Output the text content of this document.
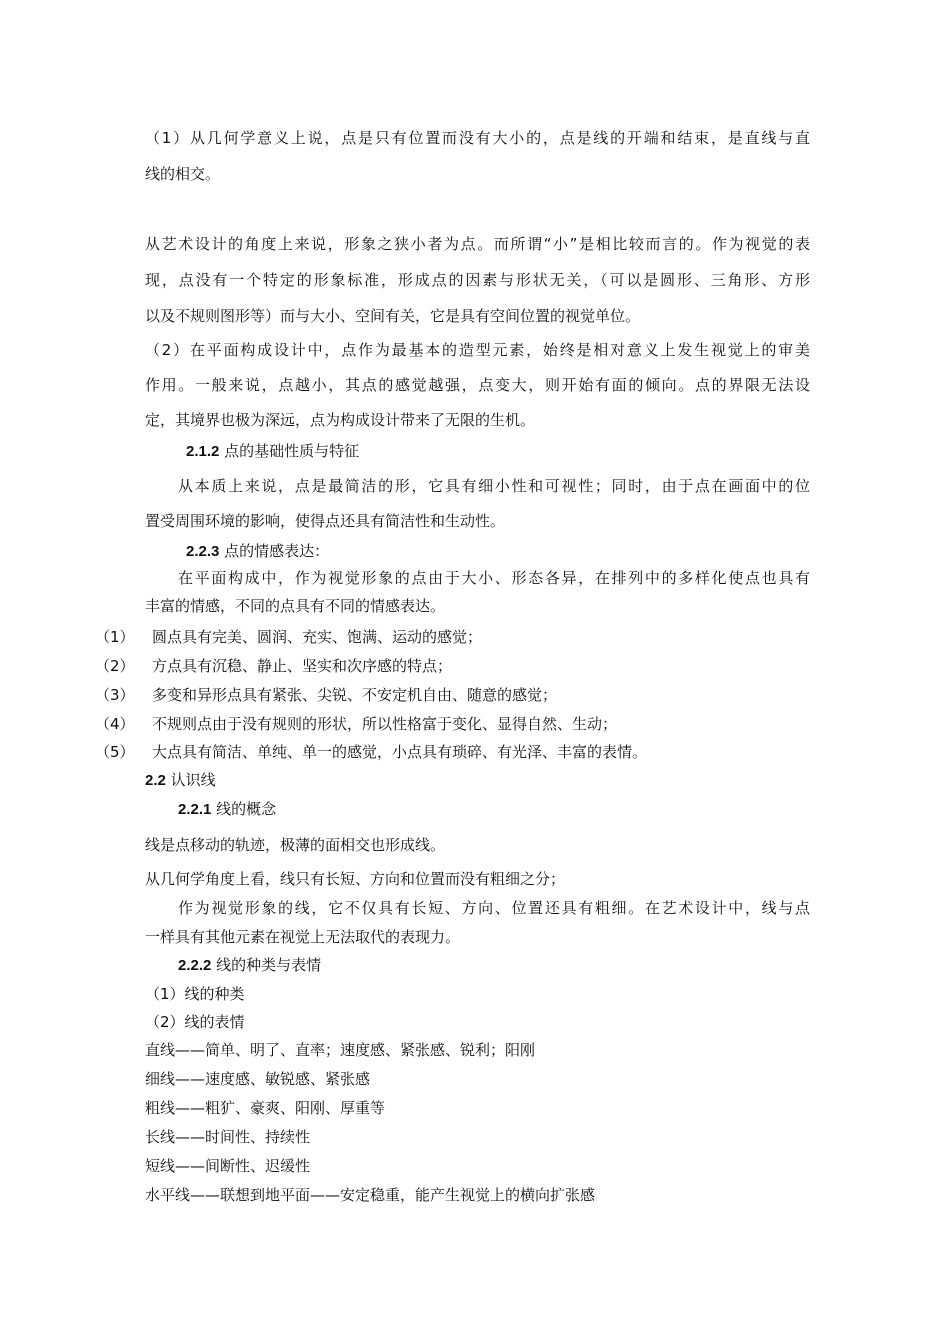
（1）从几何学意义上说，点是只有位置而没有大小的，点是线的开端和结束，是直线与直
线的相交。
从艺术设计的角度上来说，形象之狭小者为点。而所谓“小”是相比较而言的。作为视觉的表
现，点没有一个特定的形象标准，形成点的因素与形状无关，（可以是圆形、三角形、方形
以及不规则图形等）而与大小、空间有关，它是具有空间位置的视觉单位。
（2）在平面构成设计中，点作为最基本的造型元素，始终是相对意义上发生视觉上的审美
作用。一般来说，点越小，其点的感觉越强，点变大，则开始有面的倾向。点的界限无法设
定，其境界也极为深远，点为构成设计带来了无限的生机。
2.1.2 点的基础性质与特征
从本质上来说，点是最简洁的形，它具有细小性和可视性；同时，由于点在画面中的位
置受周围环境的影响，使得点还具有简洁性和生动性。
2.2.3 点的情感表达：
在平面构成中，作为视觉形象的点由于大小、形态各异，在排列中的多样化使点也具有
丰富的情感，不同的点具有不同的情感表达。
（1） 圆点具有完美、圆润、充实、饱满、运动的感觉；
（2） 方点具有沉稳、静止、坚实和次序感的特点；
（3） 多变和异形点具有紧张、尖锐、不安定机自由、随意的感觉；
（4） 不规则点由于没有规则的形状，所以性格富于变化、显得自然、生动；
（5） 大点具有简洁、单纯、单一的感觉，小点具有琐碎、有光泽、丰富的表情。
2.2 认识线
2.2.1 线的概念
线是点移动的轨迹，极薄的面相交也形成线。
从几何学角度上看，线只有长短、方向和位置而没有粗细之分；
作为视觉形象的线，它不仅具有长短、方向、位置还具有粗细。在艺术设计中，线与点
一样具有其他元素在视觉上无法取代的表现力。
2.2.2 线的种类与表情
（1）线的种类
（2）线的表情
直线——简单、明了、直率；速度感、紧张感、锐利；阳刚
细线——速度感、敏锐感、紧张感
粗线——粗犷、豪爽、阳刚、厚重等
长线——时间性、持续性
短线——间断性、迟缓性
水平线——联想到地平面——安定稳重，能产生视觉上的横向扩张感
